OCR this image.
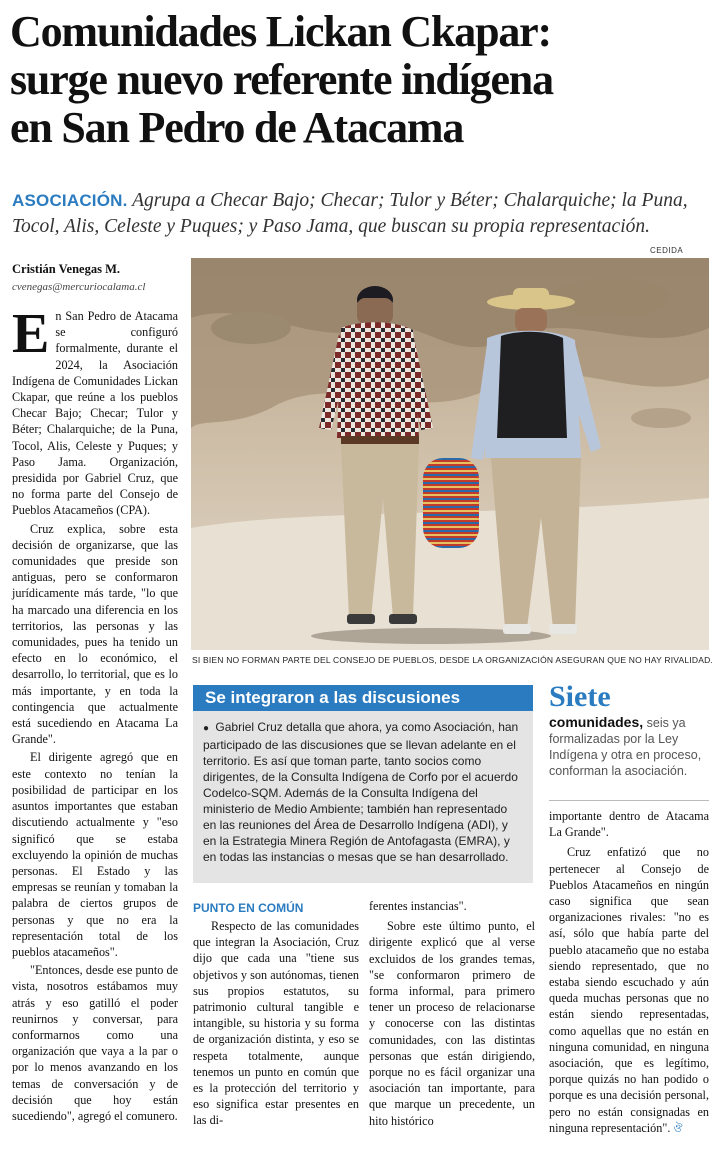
Comunidades Lickan Ckapar:
surge nuevo referente indígena
en San Pedro de Atacama
ASOCIACIÓN. Agrupa a Checar Bajo; Checar; Tulor y Béter; Chalarquiche; la Puna, Tocol, Alis, Celeste y Puques; y Paso Jama, que buscan su propia representación.
CEDIDA
Cristián Venegas M.
cvenegas@mercuriocalama.cl

En San Pedro de Atacama se configuró formalmente, durante el 2024, la Asociación Indígena de Comunidades Lickan Ckapar, que reúne a los pueblos Checar Bajo; Checar; Tulor y Béter; Chalarquiche; de la Puna, Tocol, Alis, Celeste y Puques; y Paso Jama. Organización, presidida por Gabriel Cruz, que no forma parte del Consejo de Pueblos Atacameños (CPA).

Cruz explica, sobre esta decisión de organizarse, que las comunidades que preside son antiguas, pero se conformaron jurídicamente más tarde, "lo que ha marcado una diferencia en los territorios, las personas y las comunidades, pues ha tenido un efecto en lo económico, el desarrollo, lo territorial, que es lo más importante, y en toda la contingencia que actualmente está sucediendo en Atacama La Grande".

El dirigente agregó que en este contexto no tenían la posibilidad de participar en los asuntos importantes que estaban discutiendo actualmente y "eso significó que se estaba excluyendo la opinión de muchas personas. El Estado y las empresas se reunían y tomaban la palabra de ciertos grupos de personas y que no era la representación total de los pueblos atacameños".

"Entonces, desde ese punto de vista, nosotros estábamos muy atrás y eso gatilló el poder reunirnos y conversar, para conformarnos como una organización que vaya a la par o por lo menos avanzando en los temas de conversación y de decisión que hoy están sucediendo", agregó el comunero.

SI BIEN NO FORMAN PARTE DEL CONSEJO DE PUEBLOS, DESDE LA ORGANIZACIÓN ASEGURAN QUE NO HAY RIVALIDAD.
Se integraron a las discusiones
● Gabriel Cruz detalla que ahora, ya como Asociación, han participado de las discusiones que se llevan adelante en el territorio. Es así que toman parte, tanto socios como dirigentes, de la Consulta Indígena de Corfo por el acuerdo Codelco-SQM. Además de la Consulta Indígena del ministerio de Medio Ambiente; también han representado en las reuniones del Área de Desarrollo Indígena (ADI), y en la Estrategia Minera Región de Antofagasta (EMRA), y en todas las instancias o mesas que se han desarrollado.
Siete
comunidades, seis ya formalizadas por la Ley Indígena y otra en proceso, conforman la asociación.
PUNTO EN COMÚN

Respecto de las comunidades que integran la Asociación, Cruz dijo que cada una "tiene sus objetivos y son autónomas, tienen sus propios estatutos, su patrimonio cultural tangible e intangible, su historia y su forma de organización distinta, y eso se respeta totalmente, aunque tenemos un punto en común que es la protección del territorio y eso significa estar presentes en las di-

ferentes instancias".

Sobre este último punto, el dirigente explicó que al verse excluidos de los grandes temas, "se conformaron primero de forma informal, para primero tener un proceso de relacionarse y conocerse con las distintas comunidades, con las distintas personas que están dirigiendo, porque no es fácil organizar una asociación tan importante, para que marque un precedente, un hito histórico

importante dentro de Atacama La Grande".

Cruz enfatizó que no pertenecer al Consejo de Pueblos Atacameños en ningún caso significa que sean organizaciones rivales: "no es así, sólo que había parte del pueblo atacameño que no estaba siendo representado, que no estaba siendo escuchado y aún queda muchas personas que no están siendo representadas, como aquellas que no están en ninguna comunidad, en ninguna asociación, que es legítimo, porque quizás no han podido o porque es una decisión personal, pero no están consignadas en ninguna representación". ঔ
